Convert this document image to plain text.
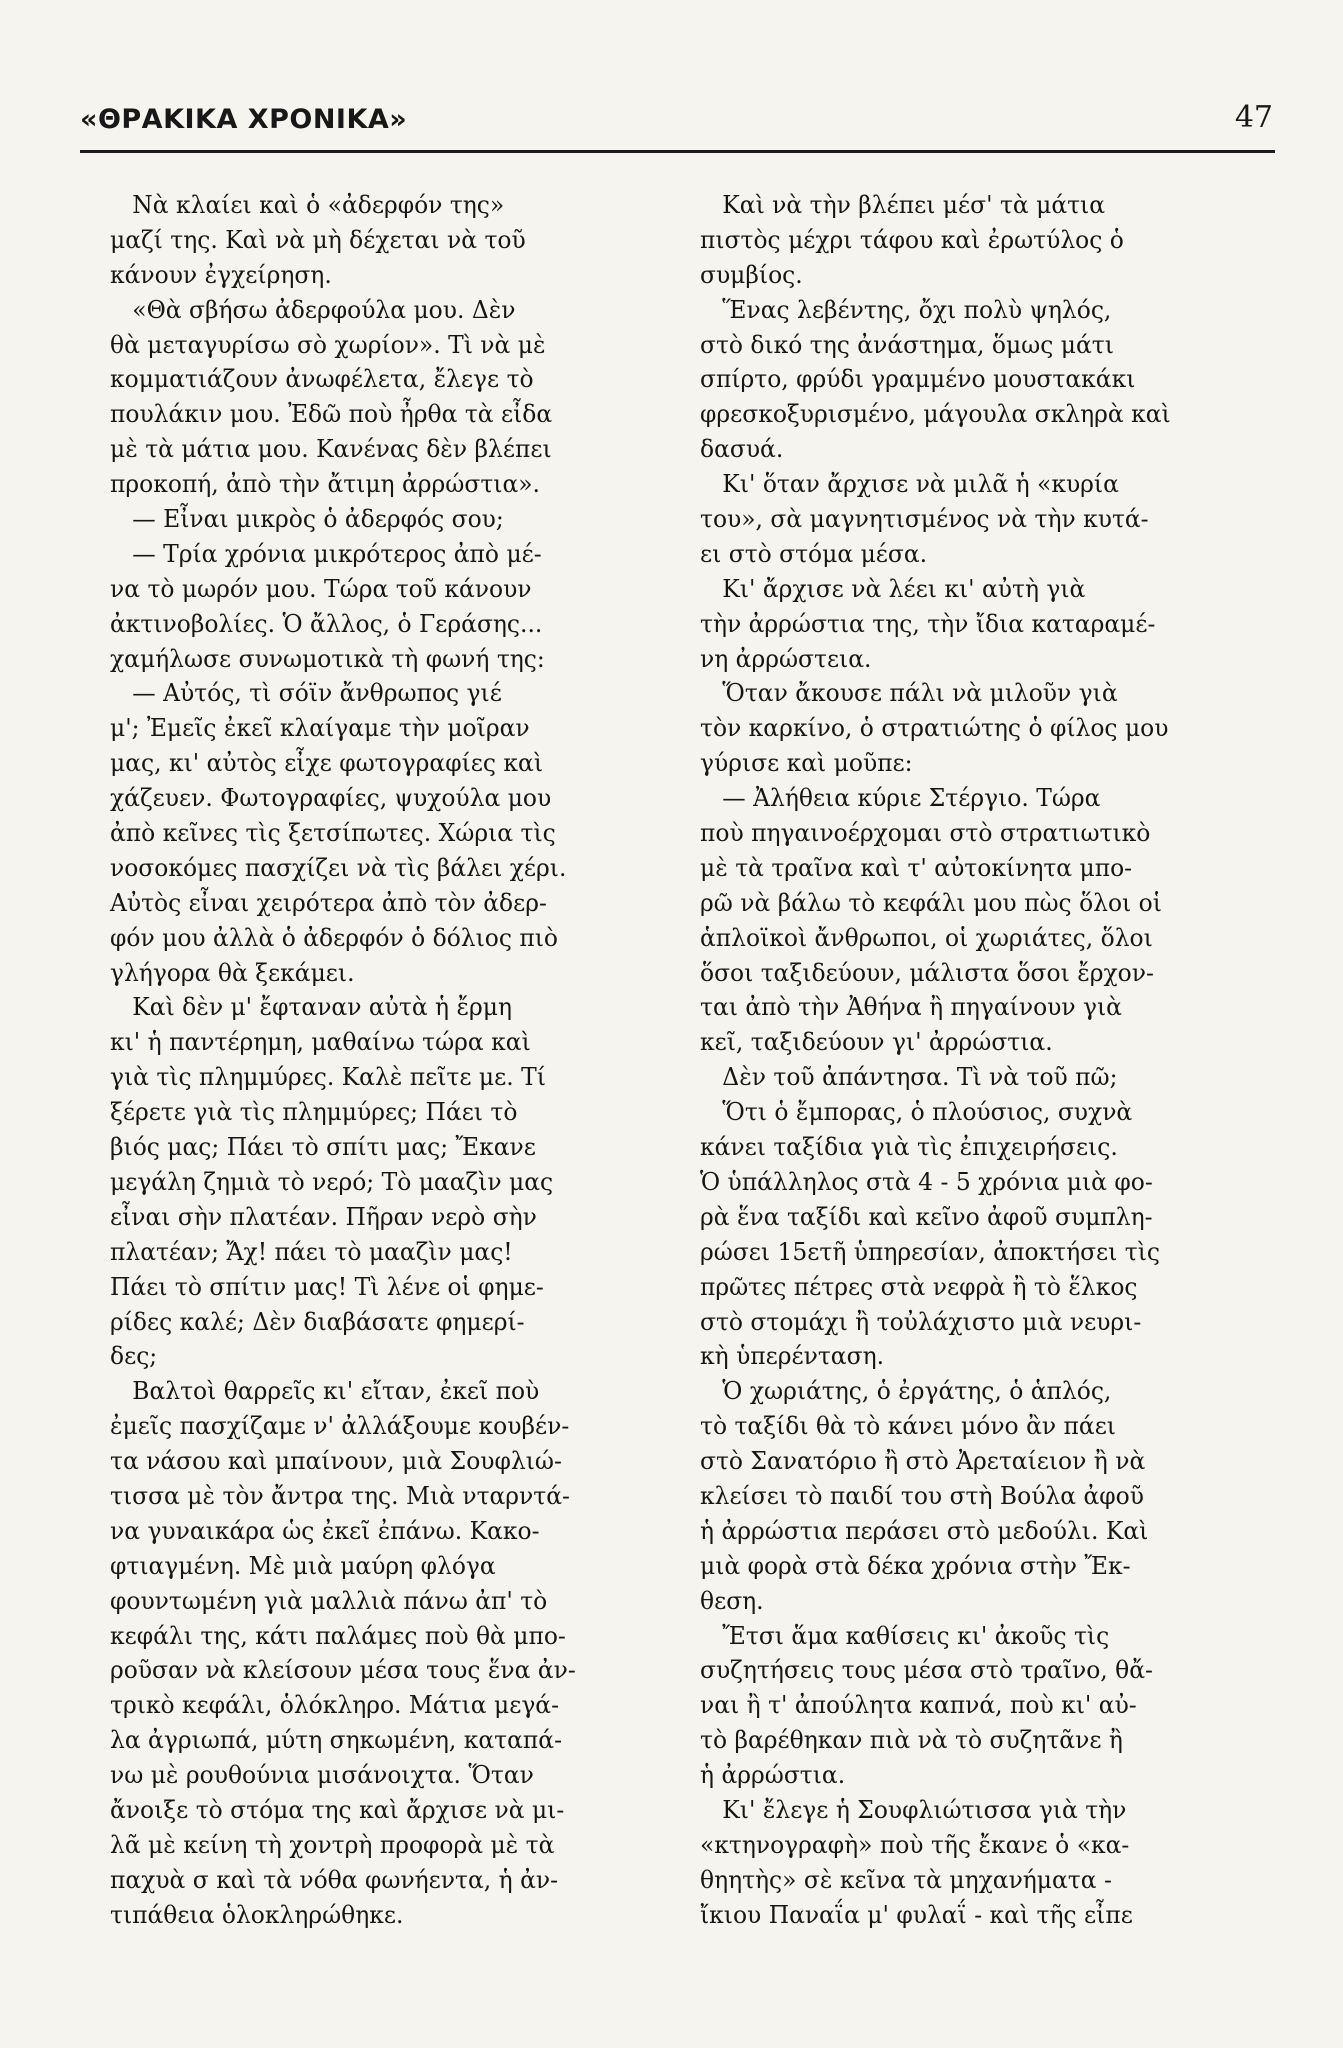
«ΘΡΑΚΙΚΑ ΧΡΟΝΙΚΑ»	47
Νὰ κλαίει καὶ ὁ «ἀδερφόν της»
μαζί της. Καὶ νὰ μὴ δέχεται νὰ τοῦ
κάνουν ἐγχείρηση.
«Θὰ σβήσω ἀδερφούλα μου. Δὲν
θὰ μεταγυρίσω σὸ χωρίον». Τὶ νὰ μὲ
κομματιάζουν ἀνωφέλετα, ἔλεγε τὸ
πουλάκιν μου. Ἐδῶ ποὺ ἦρθα τὰ εἶδα
μὲ τὰ μάτια μου. Κανένας δὲν βλέπει
προκοπή, ἀπὸ τὴν ἄτιμη ἀρρώστια».
— Εἶναι μικρὸς ὁ ἀδερφός σου;
— Τρία χρόνια μικρότερος ἀπὸ μέ-
να τὸ μωρόν μου. Τώρα τοῦ κάνουν
ἀκτινοβολίες. Ὁ ἄλλος, ὁ Γεράσης...
χαμήλωσε συνωμοτικὰ τὴ φωνή της:
— Αὐτός, τὶ σόϊν ἄνθρωπος γιέ
μ'; Ἐμεῖς ἐκεῖ κλαίγαμε τὴν μοῖραν
μας, κι' αὐτὸς εἶχε φωτογραφίες καὶ
χάζευεν. Φωτογραφίες, ψυχούλα μου
ἀπὸ κεῖνες τὶς ξετσίπωτες. Χώρια τὶς
νοσοκόμες πασχίζει νὰ τὶς βάλει χέρι.
Αὐτὸς εἶναι χειρότερα ἀπὸ τὸν ἀδερ-
φόν μου ἀλλὰ ὁ ἀδερφόν ὁ δόλιος πιὸ
γλήγορα θὰ ξεκάμει.
Καὶ δὲν μ' ἔφταναν αὐτὰ ἡ ἔρμη
κι' ἡ παντέρημη, μαθαίνω τώρα καὶ
γιὰ τὶς πλημμύρες. Καλὲ πεῖτε με. Τί
ξέρετε γιὰ τὶς πλημμύρες; Πάει τὸ
βιός μας; Πάει τὸ σπίτι μας; Ἔκανε
μεγάλη ζημιὰ τὸ νερό; Τὸ μααζὶν μας
εἶναι σὴν πλατέαν. Πῆραν νερὸ σὴν
πλατέαν; Ἄχ! πάει τὸ μααζὶν μας!
Πάει τὸ σπίτιν μας! Τὶ λένε οἱ φημε-
ρίδες καλέ; Δὲν διαβάσατε φημερί-
δες;
Βαλτοὶ θαρρεῖς κι' εἴταν, ἐκεῖ ποὺ
ἐμεῖς πασχίζαμε ν' ἀλλάξουμε κουβέν-
τα νάσου καὶ μπαίνουν, μιὰ Σουφλιώ-
τισσα μὲ τὸν ἄντρα της. Μιὰ νταρντά-
να γυναικάρα ὡς ἐκεῖ ἐπάνω. Κακο-
φτιαγμένη. Μὲ μιὰ μαύρη φλόγα
φουντωμένη γιὰ μαλλιὰ πάνω ἀπ' τὸ
κεφάλι της, κάτι παλάμες ποὺ θὰ μπο-
ροῦσαν νὰ κλείσουν μέσα τους ἕνα ἀν-
τρικὸ κεφάλι, ὁλόκληρο. Μάτια μεγά-
λα ἀγριωπά, μύτη σηκωμένη, καταπά-
νω μὲ ρουθούνια μισάνοιχτα. Ὅταν
ἄνοιξε τὸ στόμα της καὶ ἄρχισε νὰ μι-
λᾶ μὲ κείνη τὴ χοντρὴ προφορὰ μὲ τὰ
παχυὰ σ καὶ τὰ νόθα φωνήεντα, ἡ ἀν-
τιπάθεια ὁλοκληρώθηκε.
Καὶ νὰ τὴν βλέπει μέσ' τὰ μάτια
πιστὸς μέχρι τάφου καὶ ἐρωτύλος ὁ
συμβίος.
Ἕνας λεβέντης, ὄχι πολὺ ψηλός,
στὸ δικό της ἀνάστημα, ὅμως μάτι
σπίρτο, φρύδι γραμμένο μουστακάκι
φρεσκοξυρισμένο, μάγουλα σκληρὰ καὶ
δασυά.
Κι' ὅταν ἄρχισε νὰ μιλᾶ ἡ «κυρία
του», σὰ μαγνητισμένος νὰ τὴν κυτά-
ει στὸ στόμα μέσα.
Κι' ἄρχισε νὰ λέει κι' αὐτὴ γιὰ
τὴν ἀρρώστια της, τὴν ἴδια καταραμέ-
νη ἀρρώστεια.
Ὅταν ἄκουσε πάλι νὰ μιλοῦν γιὰ
τὸν καρκίνο, ὁ στρατιώτης ὁ φίλος μου
γύρισε καὶ μοῦπε:
— Ἀλήθεια κύριε Στέργιο. Τώρα
ποὺ πηγαινοέρχομαι στὸ στρατιωτικὸ
μὲ τὰ τραῖνα καὶ τ' αὐτοκίνητα μπο-
ρῶ νὰ βάλω τὸ κεφάλι μου πὼς ὅλοι οἱ
ἁπλοϊκοὶ ἄνθρωποι, οἱ χωριάτες, ὅλοι
ὅσοι ταξιδεύουν, μάλιστα ὅσοι ἔρχον-
ται ἀπὸ τὴν Ἀθήνα ἢ πηγαίνουν γιὰ
κεῖ, ταξιδεύουν γι' ἀρρώστια.
Δὲν τοῦ ἀπάντησα. Τὶ νὰ τοῦ πῶ;
Ὅτι ὁ ἔμπορας, ὁ πλούσιος, συχνὰ
κάνει ταξίδια γιὰ τὶς ἐπιχειρήσεις.
Ὁ ὑπάλληλος στὰ 4 - 5 χρόνια μιὰ φο-
ρὰ ἕνα ταξίδι καὶ κεῖνο ἀφοῦ συμπλη-
ρώσει 15ετῆ ὑπηρεσίαν, ἀποκτήσει τὶς
πρῶτες πέτρες στὰ νεφρὰ ἢ τὸ ἕλκος
στὸ στομάχι ἢ τοὐλάχιστο μιὰ νευρι-
κὴ ὑπερένταση.
Ὁ χωριάτης, ὁ ἐργάτης, ὁ ἁπλός,
τὸ ταξίδι θὰ τὸ κάνει μόνο ἂν πάει
στὸ Σανατόριο ἢ στὸ Ἀρεταίειον ἢ νὰ
κλείσει τὸ παιδί του στὴ Βούλα ἀφοῦ
ἡ ἀρρώστια περάσει στὸ μεδούλι. Καὶ
μιὰ φορὰ στὰ δέκα χρόνια στὴν Ἔκ-
θεση.
Ἔτσι ἅμα καθίσεις κι' ἀκοῦς τὶς
συζητήσεις τους μέσα στὸ τραῖνο, θἄ-
ναι ἢ τ' ἀπούλητα καπνά, ποὺ κι' αὐ-
τὸ βαρέθηκαν πιὰ νὰ τὸ συζητᾶνε ἢ
ἡ ἀρρώστια.
Κι' ἔλεγε ἡ Σουφλιώτισσα γιὰ τὴν
«κτηνογραφὴ» ποὺ τῆς ἔκανε ὁ «κα-
θηητὴς» σὲ κεῖνα τὰ μηχανήματα -
ἴκιου Παναΐα μ' φυλαΐ - καὶ τῆς εἶπε
